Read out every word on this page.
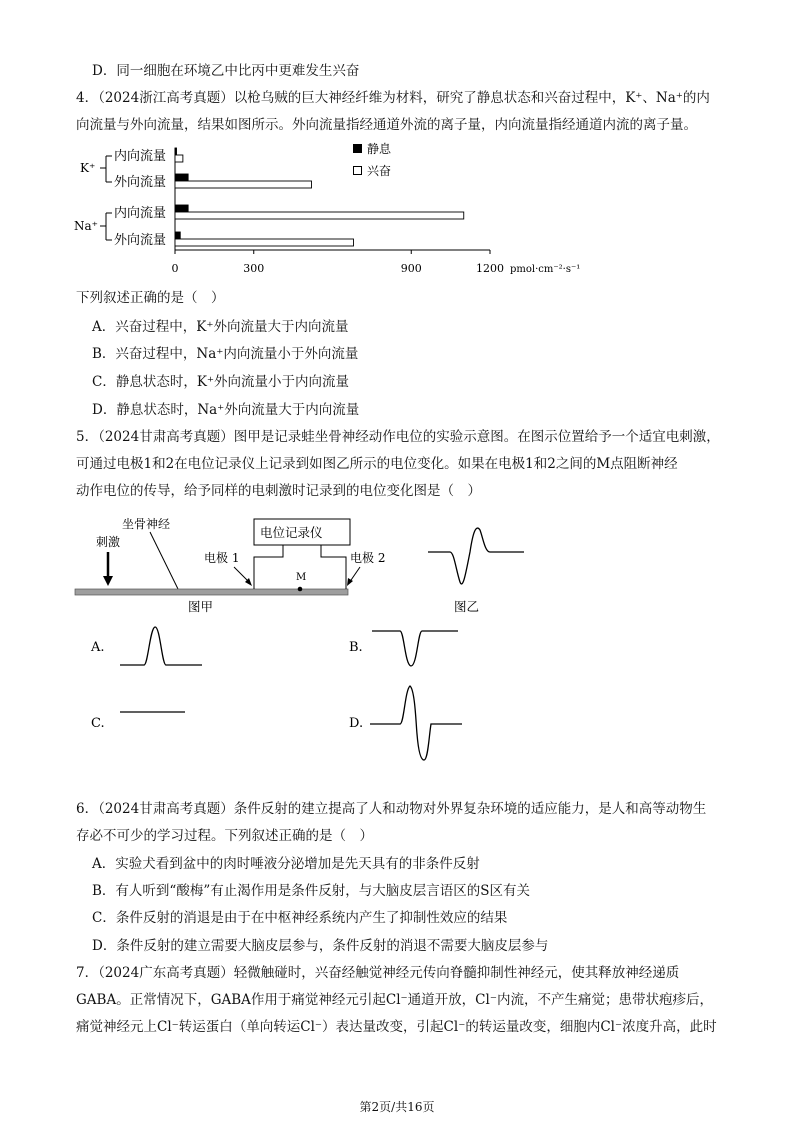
D．同一细胞在环境乙中比丙中更难发生兴奋
4．（2024浙江高考真题）以枪乌贼的巨大神经纤维为材料，研究了静息状态和兴奋过程中，K⁺、Na⁺的内
向流量与外向流量，结果如图所示。外向流量指经通道外流的离子量，内向流量指经通道内流的离子量。
K⁺
Na⁺
内向流量
外向流量
内向流量
外向流量
0	300	900	1200 pmol·cm⁻²·s⁻¹
静息
兴奋
下列叙述正确的是（　）
A．兴奋过程中，K⁺外向流量大于内向流量
B．兴奋过程中，Na⁺内向流量小于外向流量
C．静息状态时，K⁺外向流量小于内向流量
D．静息状态时，Na⁺外向流量大于内向流量
5．（2024甘肃高考真题）图甲是记录蛙坐骨神经动作电位的实验示意图。在图示位置给予一个适宜电刺激，
可通过电极1和2在电位记录仪上记录到如图乙所示的电位变化。如果在电极1和2之间的M点阻断神经
动作电位的传导，给予同样的电刺激时记录到的电位变化图是（　）
坐骨神经
刺激
电位记录仪
电极 1	电极 2
M
图甲	图乙
A.	B.
C.	D.
6．（2024甘肃高考真题）条件反射的建立提高了人和动物对外界复杂环境的适应能力，是人和高等动物生
存必不可少的学习过程。下列叙述正确的是（　）
A．实验犬看到盆中的肉时唾液分泌增加是先天具有的非条件反射
B．有人听到“酸梅”有止渴作用是条件反射，与大脑皮层言语区的S区有关
C．条件反射的消退是由于在中枢神经系统内产生了抑制性效应的结果
D．条件反射的建立需要大脑皮层参与，条件反射的消退不需要大脑皮层参与
7．（2024广东高考真题）轻微触碰时，兴奋经触觉神经元传向脊髓抑制性神经元，使其释放神经递质
GABA。正常情况下，GABA作用于痛觉神经元引起Cl⁻通道开放，Cl⁻内流，不产生痛觉；患带状疱疹后，
痛觉神经元上Cl⁻转运蛋白（单向转运Cl⁻）表达量改变，引起Cl⁻的转运量改变，细胞内Cl⁻浓度升高，此时
第2页/共16页
